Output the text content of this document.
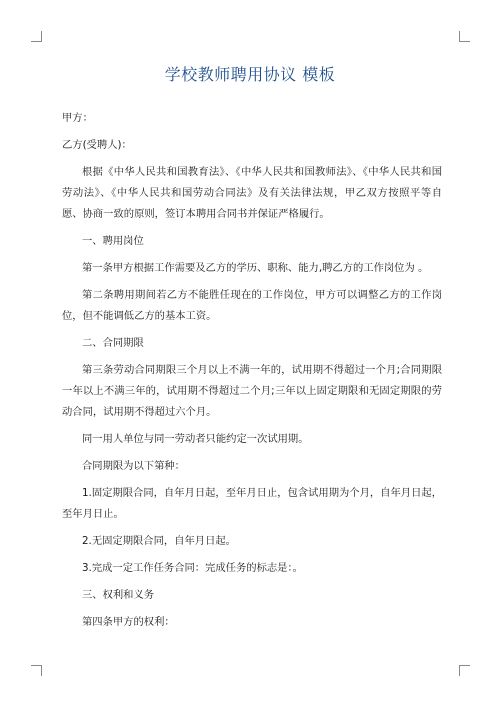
学校教师聘用协议 模板

甲方：

乙方(受聘人)：

根据《中华人民共和国教育法》、《中华人民共和国教师法》、《中华人民共和国劳动法》、《中华人民共和国劳动合同法》及有关法律法规，甲乙双方按照平等自愿、协商一致的原则，签订本聘用合同书并保证严格履行。

一、聘用岗位

第一条甲方根据工作需要及乙方的学历、职称、能力,聘乙方的工作岗位为 。

第二条聘用期间若乙方不能胜任现在的工作岗位，甲方可以调整乙方的工作岗位，但不能调低乙方的基本工资。

二、合同期限

第三条劳动合同期限三个月以上不满一年的，试用期不得超过一个月;合同期限一年以上不满三年的，试用期不得超过二个月;三年以上固定期限和无固定期限的劳动合同，试用期不得超过六个月。

同一用人单位与同一劳动者只能约定一次试用期。

合同期限为以下第种：

1.固定期限合同，自年月日起，至年月日止，包含试用期为个月，自年月日起，至年月日止。

2.无固定期限合同，自年月日起。

3.完成一定工作任务合同：完成任务的标志是：。

三、权利和义务

第四条甲方的权利：
